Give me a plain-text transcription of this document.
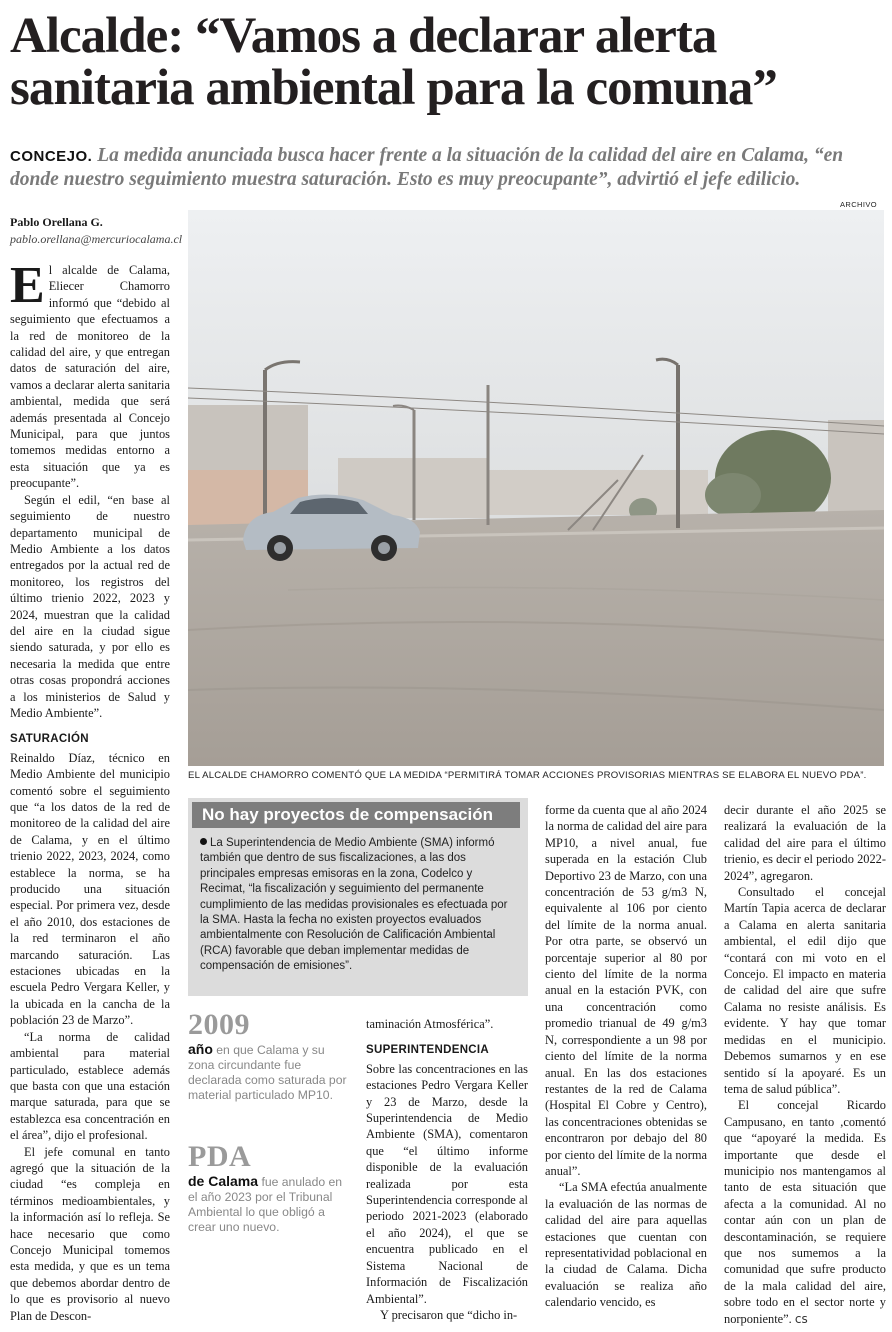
Alcalde: “Vamos a declarar alerta sanitaria ambiental para la comuna”

CONCEJO. La medida anunciada busca hacer frente a la situación de la calidad del aire en Calama, “en donde nuestro seguimiento muestra saturación. Esto es muy preocupante”, advirtió el jefe edilicio.

Pablo Orellana G.
pablo.orellana@mercuriocalama.cl

El alcalde de Calama, Eliecer Chamorro informó que “debido al seguimiento que efectuamos a la red de monitoreo de la calidad del aire, y que entregan datos de saturación del aire, vamos a declarar alerta sanitaria ambiental, medida que será además presentada al Concejo Municipal, para que juntos tomemos medidas entorno a esta situación que ya es preocupante”.

Según el edil, “en base al seguimiento de nuestro departamento municipal de Medio Ambiente a los datos entregados por la actual red de monitoreo, los registros del último trienio 2022, 2023 y 2024, muestran que la calidad del aire en la ciudad sigue siendo saturada, y por ello es necesaria la medida que entre otras cosas propondrá acciones a los ministerios de Salud y Medio Ambiente”.

SATURACIÓN

Reinaldo Díaz, técnico en Medio Ambiente del municipio comentó sobre el seguimiento que “a los datos de la red de monitoreo de la calidad del aire de Calama, y en el último trienio 2022, 2023, 2024, como establece la norma, se ha producido una situación especial. Por primera vez, desde el año 2010, dos estaciones de la red terminaron el año marcando saturación. Las estaciones ubicadas en la escuela Pedro Vergara Keller, y la ubicada en la cancha de la población 23 de Marzo”.

“La norma de calidad ambiental para material particulado, establece además que basta con que una estación marque saturada, para que se establezca esa concentración en el área”, dijo el profesional.

El jefe comunal en tanto agregó que la situación de la ciudad “es compleja en términos medioambientales, y la información así lo refleja. Se hace necesario que como Concejo Municipal tomemos esta medida, y que es un tema que debemos abordar dentro de lo que es provisorio al nuevo Plan de Descon-

ARCHIVO
EL ALCALDE CHAMORRO COMENTÓ QUE LA MEDIDA “PERMITIRÁ TOMAR ACCIONES PROVISORIAS MIENTRAS SE ELABORA EL NUEVO PDA”.
No hay proyectos de compensación
La Superintendencia de Medio Ambiente (SMA) informó también que dentro de sus fiscalizaciones, a las dos principales empresas emisoras en la zona, Codelco y Recimat, “la fiscalización y seguimiento del permanente cumplimiento de las medidas provisionales es efectuada por la SMA. Hasta la fecha no existen proyectos evaluados ambientalmente con Resolución de Calificación Ambiental (RCA) favorable que deban implementar medidas de compensación de emisiones”.
2009
año en que Calama y su zona circundante fue declarada como saturada por material particulado MP10.
PDA
de Calama fue anulado en el año 2023 por el Tribunal Ambiental lo que obligó a crear uno nuevo.

taminación Atmosférica”.

SUPERINTENDENCIA

Sobre las concentraciones en las estaciones Pedro Vergara Keller y 23 de Marzo, desde la Superintendencia de Medio Ambiente (SMA), comentaron que “el último informe disponible de la evaluación realizada por esta Superintendencia corresponde al periodo 2021-2023 (elaborado el año 2024), el que se encuentra publicado en el Sistema Nacional de Información de Fiscalización Ambiental”.

Y precisaron que “dicho in-

forme da cuenta que al año 2024 la norma de calidad del aire para MP10, a nivel anual, fue superada en la estación Club Deportivo 23 de Marzo, con una concentración de 53 g/m3 N, equivalente al 106 por ciento del límite de la norma anual. Por otra parte, se observó un porcentaje superior al 80 por ciento del límite de la norma anual en la estación PVK, con una concentración como promedio trianual de 49 g/m3 N, correspondiente a un 98 por ciento del límite de la norma anual. En las dos estaciones restantes de la red de Calama (Hospital El Cobre y Centro), las concentraciones obtenidas se encontraron por debajo del 80 por ciento del límite de la norma anual”.

“La SMA efectúa anualmente la evaluación de las normas de calidad del aire para aquellas estaciones que cuentan con representatividad poblacional en la ciudad de Calama. Dicha evaluación se realiza año calendario vencido, es

decir durante el año 2025 se realizará la evaluación de la calidad del aire para el último trienio, es decir el periodo 2022-2024”, agregaron.

Consultado el concejal Martín Tapia acerca de declarar a Calama en alerta sanitaria ambiental, el edil dijo que “contará con mi voto en el Concejo. El impacto en materia de calidad del aire que sufre Calama no resiste análisis. Es evidente. Y hay que tomar medidas en el municipio. Debemos sumarnos y en ese sentido sí la apoyaré. Es un tema de salud pública”.

El concejal Ricardo Campusano, en tanto ,comentó que “apoyaré la medida. Es importante que desde el municipio nos mantengamos al tanto de esta situación que afecta a la comunidad. Al no contar aún con un plan de descontaminación, se requiere que nos sumemos a la comunidad que sufre producto de la mala calidad del aire, sobre todo en el sector norte y norponiente”. cs
